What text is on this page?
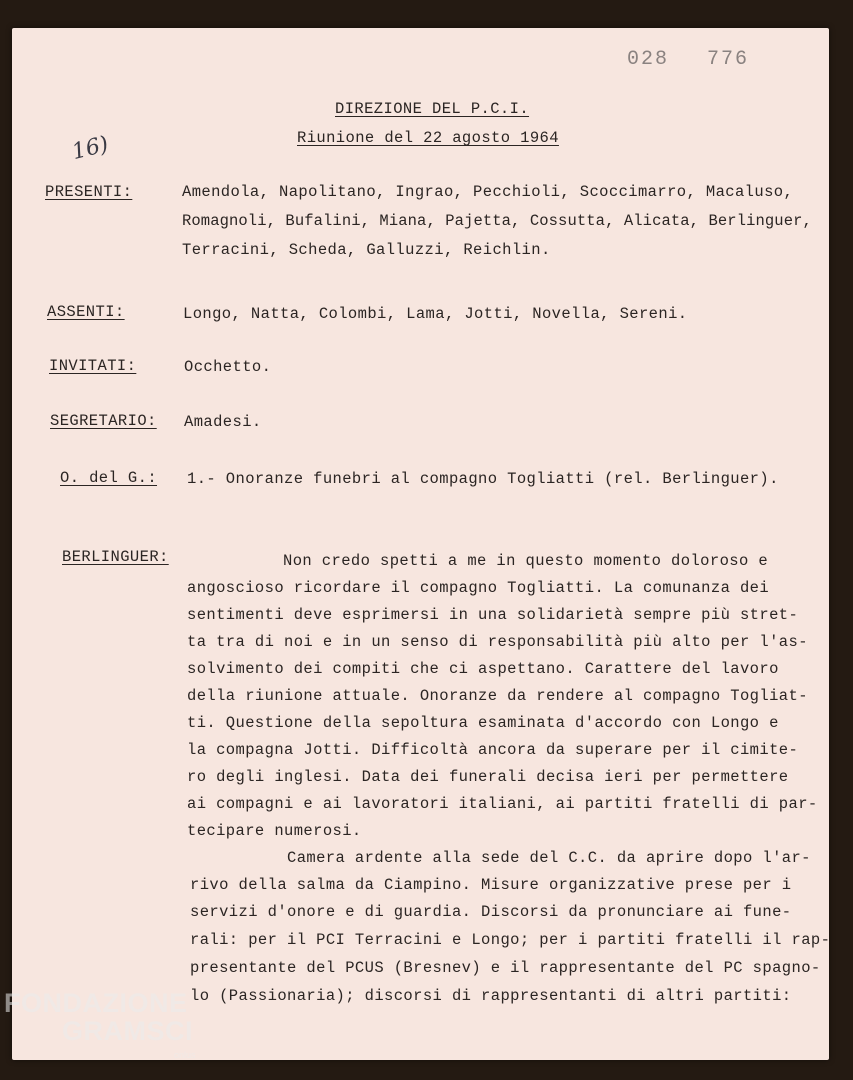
028 776
16)
DIREZIONE DEL P.C.I.
Riunione del 22 agosto 1964
PRESENTI:	Amendola, Napolitano, Ingrao, Pecchioli, Scoccimarro, Macaluso,
Romagnoli, Bufalini, Miana, Pajetta, Cossutta, Alicata, Berlinguer,
Terracini, Scheda, Galluzzi, Reichlin.
ASSENTI:	Longo, Natta, Colombi, Lama, Jotti, Novella, Sereni.
INVITATI:	Occhetto.
SEGRETARIO: Amadesi.
O. del G.: 1.- Onoranze funebri al compagno Togliatti (rel. Berlinguer).
BERLINGUER:	Non credo spetti a me in questo momento doloroso e
angoscioso ricordare il compagno Togliatti. La comunanza dei
sentimenti deve esprimersi in una solidarietà sempre più stret-
ta tra di noi e in un senso di responsabilità più alto per l'as-
solvimento dei compiti che ci aspettano. Carattere del lavoro
della riunione attuale. Onoranze da rendere al compagno Togliat-
ti. Questione della sepoltura esaminata d'accordo con Longo e
la compagna Jotti. Difficoltà ancora da superare per il cimite-
ro degli inglesi. Data dei funerali decisa ieri per permettere
ai compagni e ai lavoratori italiani, ai partiti fratelli di par-
tecipare numerosi.
Camera ardente alla sede del C.C. da aprire dopo l'ar-
rivo della salma da Ciampino. Misure organizzative prese per i
servizi d'onore e di guardia. Discorsi da pronunciare ai fune-
rali: per il PCI Terracini e Longo; per i partiti fratelli il rap-
presentante del PCUS (Bresnev) e il rappresentante del PC spagno-
lo (Passionaria); discorsi di rappresentanti di altri partiti:
FONDAZIONE
GRAMSCI
onlus
